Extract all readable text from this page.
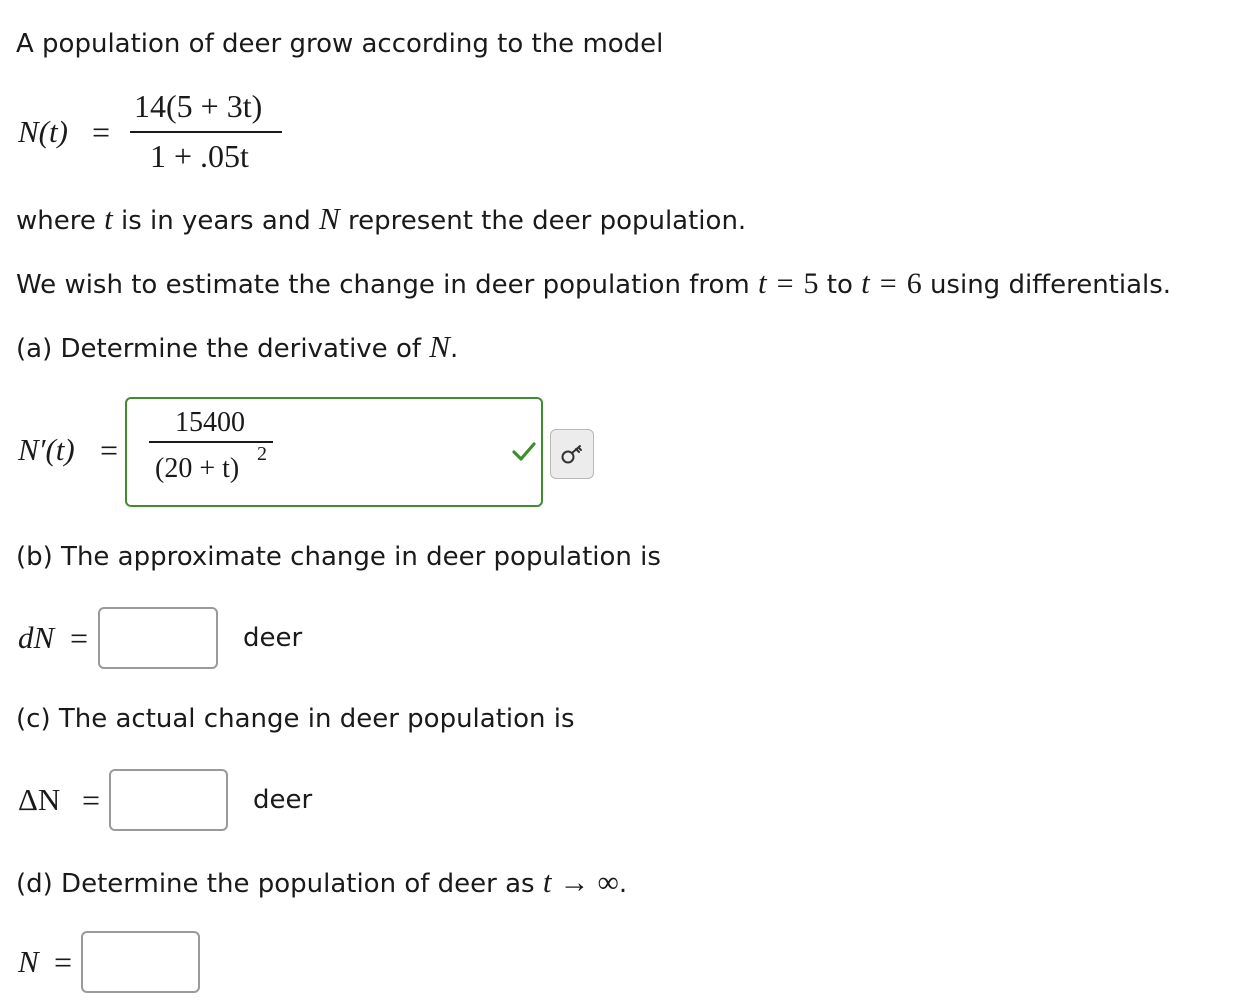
A population of deer grow according to the model
N(t) =
14(5 + 3t)
1 + .05t
where t is in years and N represent the deer population.
We wish to estimate the change in deer population from t = 5 to t = 6 using differentials.
(a) Determine the derivative of N.
N′(t) =
15400
(20 + t) 2
(b) The approximate change in deer population is
dN =	deer
(c) The actual change in deer population is
ΔN =	deer
(d) Determine the population of deer as t → ∞.
N =
